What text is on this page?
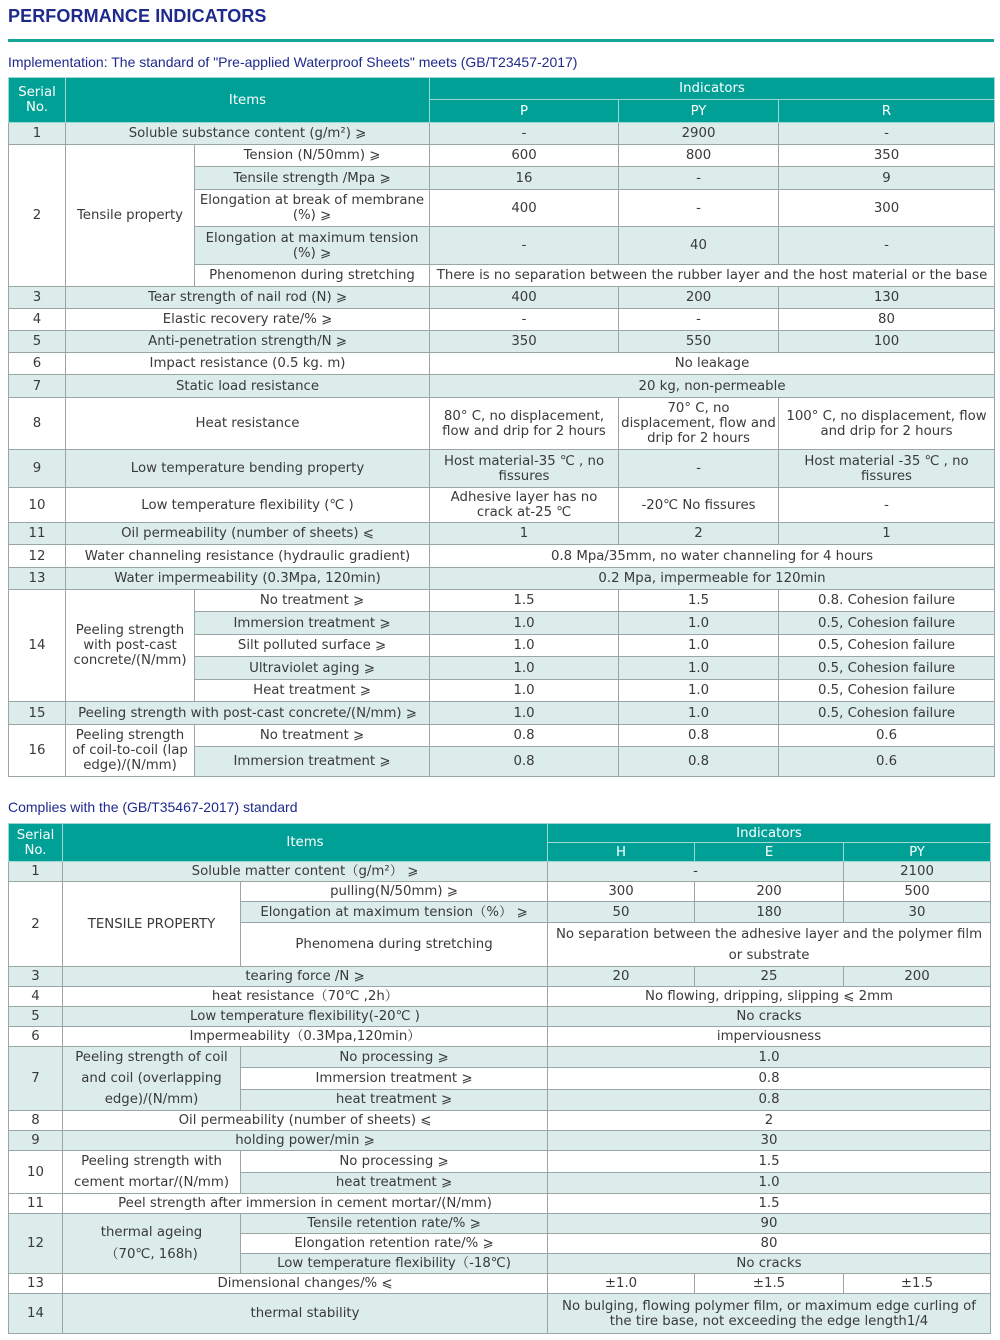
PERFORMANCE INDICATORS
Implementation: The standard of "Pre-applied Waterproof Sheets" meets (GB/T23457-2017)
Serial No.	Items		Indicators		
			P	PY	R
1	Soluble substance content (g/m²) ⩾		-	2900	-
2	Tensile property	Tension (N/50mm) ⩾	600	800	350
		Tensile strength /Mpa ⩾	16	-	9
		Elongation at break of membrane (%) ⩾	400	-	300
		Elongation at maximum tension (%) ⩾	-	40	-
		Phenomenon during stretching	There is no separation between the rubber layer and the host material or the base		
3	Tear strength of nail rod (N) ⩾		400	200	130
4	Elastic recovery rate/% ⩾		-	-	80
5	Anti-penetration strength/N ⩾		350	550	100
6	Impact resistance (0.5 kg. m)		No leakage		
7	Static load resistance		20 kg, non-permeable		
8	Heat resistance		80° C, no displacement, flow and drip for 2 hours	70° C, no displacement, flow and drip for 2 hours	100° C, no displacement, flow and drip for 2 hours
9	Low temperature bending property		Host material-35 ℃ , no fissures	-	Host material -35 ℃ , no fissures
10	Low temperature flexibility (℃ )		Adhesive layer has no crack at-25 ℃	-20℃ No fissures	-
11	Oil permeability (number of sheets) ⩽		1	2	1
12	Water channeling resistance (hydraulic gradient)		0.8 Mpa/35mm, no water channeling for 4 hours		
13	Water impermeability (0.3Mpa, 120min)		0.2 Mpa, impermeable for 120min		
14	Peeling strength with post-cast concrete/(N/mm)	No treatment ⩾	1.5	1.5	0.8. Cohesion failure
		Immersion treatment ⩾	1.0	1.0	0.5, Cohesion failure
		Silt polluted surface ⩾	1.0	1.0	0.5, Cohesion failure
		Ultraviolet aging ⩾	1.0	1.0	0.5, Cohesion failure
		Heat treatment ⩾	1.0	1.0	0.5, Cohesion failure
15	Peeling strength with post-cast concrete/(N/mm) ⩾		1.0	1.0	0.5, Cohesion failure
16	Peeling strength of coil-to-coil (lap edge)/(N/mm)	No treatment ⩾	0.8	0.8	0.6
		Immersion treatment ⩾	0.8	0.8	0.6
Complies with the (GB/T35467-2017) standard
Serial No.	Items		Indicators		
			H	E	PY
1	Soluble matter content（g/m²） ⩾		-		2100
2	TENSILE PROPERTY	pulling(N/50mm) ⩾	300	200	500
		Elongation at maximum tension（%） ⩾	50	180	30
		Phenomena during stretching	No separation between the adhesive layer and the polymer film or substrate		
3	tearing force /N ⩾		20	25	200
4	heat resistance（70℃ ,2h）		No flowing, dripping, slipping ⩽ 2mm		
5	Low temperature flexibility(-20℃ )		No cracks		
6	Impermeability（0.3Mpa,120min）		imperviousness		
7	Peeling strength of coil and coil (overlapping edge)/(N/mm)	No processing ⩾	1.0		
		Immersion treatment ⩾	0.8		
		heat treatment ⩾	0.8		
8	Oil permeability (number of sheets) ⩽		2		
9	holding power/min ⩾		30		
10	Peeling strength with cement mortar/(N/mm)	No processing ⩾	1.5		
		heat treatment ⩾	1.0		
11	Peel strength after immersion in cement mortar/(N/mm)		1.5		
12	thermal ageing（70℃, 168h)	Tensile retention rate/% ⩾	90		
		Elongation retention rate/% ⩾	80		
		Low temperature flexibility（-18℃)	No cracks		
13	Dimensional changes/% ⩽		±1.0	±1.5	±1.5
14	thermal stability		No bulging, flowing polymer film, or maximum edge curling of the tire base, not exceeding the edge length1/4		
